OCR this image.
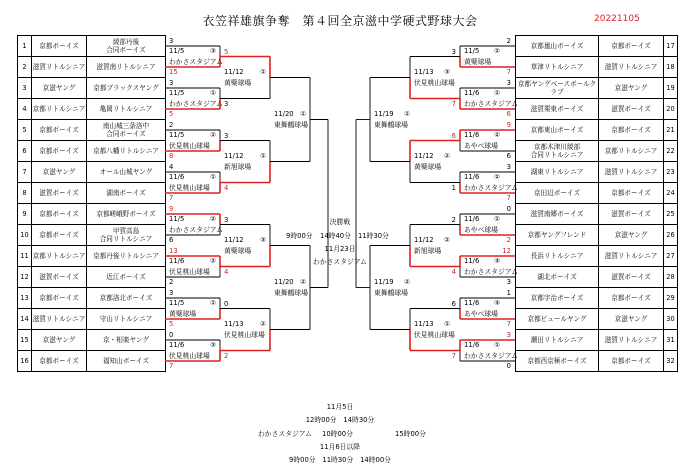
衣笠祥雄旗争奪　第４回全京滋中学硬式野球大会	20221105
1	京都ボーイズ	綾部丹後
合同ボーイズ
2	滋賀リトルシニア	滋賀南リトルシニア
3	京滋ヤング	京都ブラックスヤング
4	京都リトルシニア	亀岡リトルシニア
5	京都ボーイズ	南山城三条洛中
合同ボーイズ
6	京都ボーイズ	京都八幡リトルシニア
7	京滋ヤング	オール山城ヤング
8	滋賀ボーイズ	湖南ボーイズ
9	京都ボーイズ	京都嵯峨野ボーイズ
10	京都ボーイズ	甲賀高島
合同リトルシニア
11	京都リトルシニア	京都丹後リトルシニア
12	滋賀ボーイズ	近江ボーイズ
13	京都ボーイズ	京都洛北ボーイズ
14	滋賀リトルシニア	守山リトルシニア
15	京滋ヤング	京・相楽ヤング
16	京都ボーイズ	福知山ボーイズ
京都嵐山ボーイズ	京都ボーイズ	17
草津リトルシニア	滋賀リトルシニア	18
京都ヤングベースボールクラブ	京滋ヤング	19
滋賀栗東ボーイズ	滋賀ボーイズ	20
京都東山ボーイズ	京都ボーイズ	21
京都木津川綾部
合同リトルシニア	京都リトルシニア	22
湖東リトルシニア	滋賀リトルシニア	23
京田辺ボーイズ	京都ボーイズ	24
滋賀南郷ボーイズ	滋賀ボーイズ	25
京都ヤングフレンド	京滋ヤング	26
長浜リトルシニア	滋賀リトルシニア	27
湖北ボーイズ	滋賀ボーイズ	28
京都宇治ボーイズ	京都ボーイズ	29
京都ビュールヤング	京滋ヤング	30
瀬田リトルシニア	滋賀リトルシニア	31
京都西京極ボーイズ	京都ボーイズ	32
3
15
11/5	③
わかさスタジアム
3
5
11/5	①
わかさスタジアム
2
8
11/5	②
伏見桃山球場
4
7
11/6	①
伏見桃山球場
9
6
11/5	②
わかさスタジアム
13
2
11/6	②
伏見桃山球場
3
5
11/5	①
黄檗球場
0
7
11/6	③
伏見桃山球場
5
3
11/12 ①
黄檗球場
3
4
11/12 ①
新旭球場
3
4
11/12 ③
黄檗球場
0
2
11/13 ②
伏見桃山球場
11/20 ①
東舞鶴球場
11/20 ②
東舞鶴球場
2
7
11/5 ②
黄檗球場
3
6
11/6 ①
わかさスタジアム
9
6
11/6 ②
あやべ球場
3
7
11/6 ②
わかさスタジアム
0
2
11/6 ①
あやべ球場
12
3
11/6 ③
わかさスタジアム
1
7
11/6 ③
あやべ球場
3
0
11/6 ①
わかさスタジアム
3
7
11/13 ③
伏見桃山球場
6
1
11/12 ②
黄檗球場
2
4
11/12 ②
新旭球場
6
7
11/13 ①
伏見桃山球場
11/19 ①
東舞鶴球場
11/19 ②
東舞鶴球場
決勝戦
9時00分 14時40分 11時30分
11月23日
わかさスタジアム
11月5日
12時00分　14時30分
わかさスタジアム 10時00分	15時00分
11月6日以降
9時00分　11時30分　14時00分
